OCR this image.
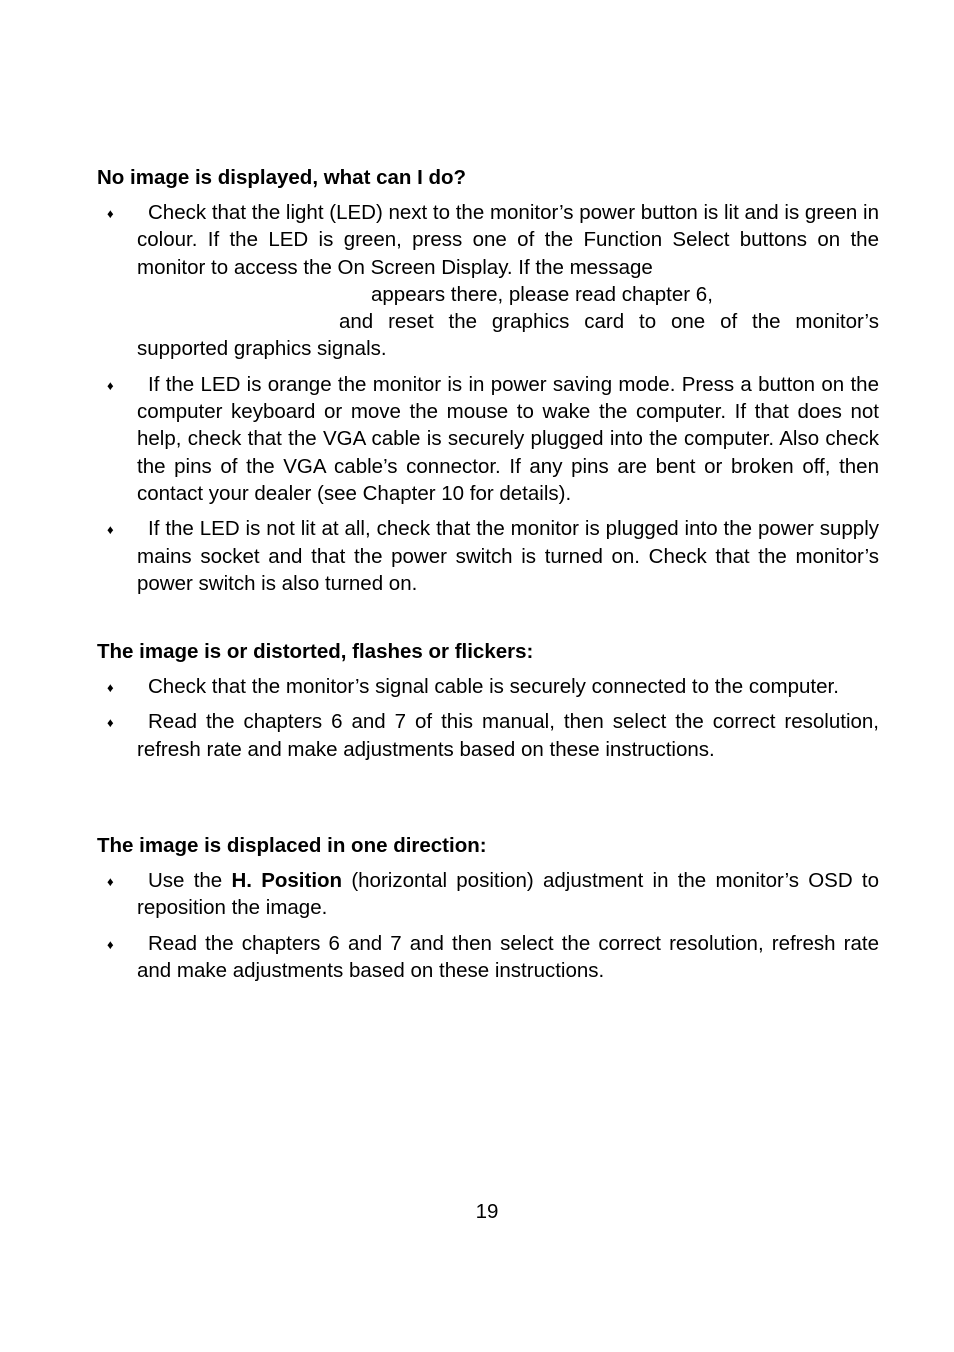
No image is displayed, what can I do?
♦ Check that the light (LED) next to the monitor’s power button is lit and is green in colour. If the LED is green, press one of the Function Select buttons on the monitor to access the On Screen Display. If the message
appears there, please read chapter 6,
and reset the graphics card to one of the monitor’s
supported graphics signals.
♦ If the LED is orange the monitor is in power saving mode. Press a button on the computer keyboard or move the mouse to wake the computer. If that does not help, check that the VGA cable is securely plugged into the computer. Also check the pins of the VGA cable’s connector. If any pins are bent or broken off, then contact your dealer (see Chapter 10 for details).
♦ If the LED is not lit at all, check that the monitor is plugged into the power supply mains socket and that the power switch is turned on. Check that the monitor’s power switch is also turned on.
The image is or distorted, flashes or flickers:
♦ Check that the monitor’s signal cable is securely connected to the computer.
♦ Read the chapters 6 and 7 of this manual, then select the correct resolution, refresh rate and make adjustments based on these instructions.
The image is displaced in one direction:
♦ Use the H. Position (horizontal position) adjustment in the monitor’s OSD to reposition the image.
♦ Read the chapters 6 and 7 and then select the correct resolution, refresh rate and make adjustments based on these instructions.
19
